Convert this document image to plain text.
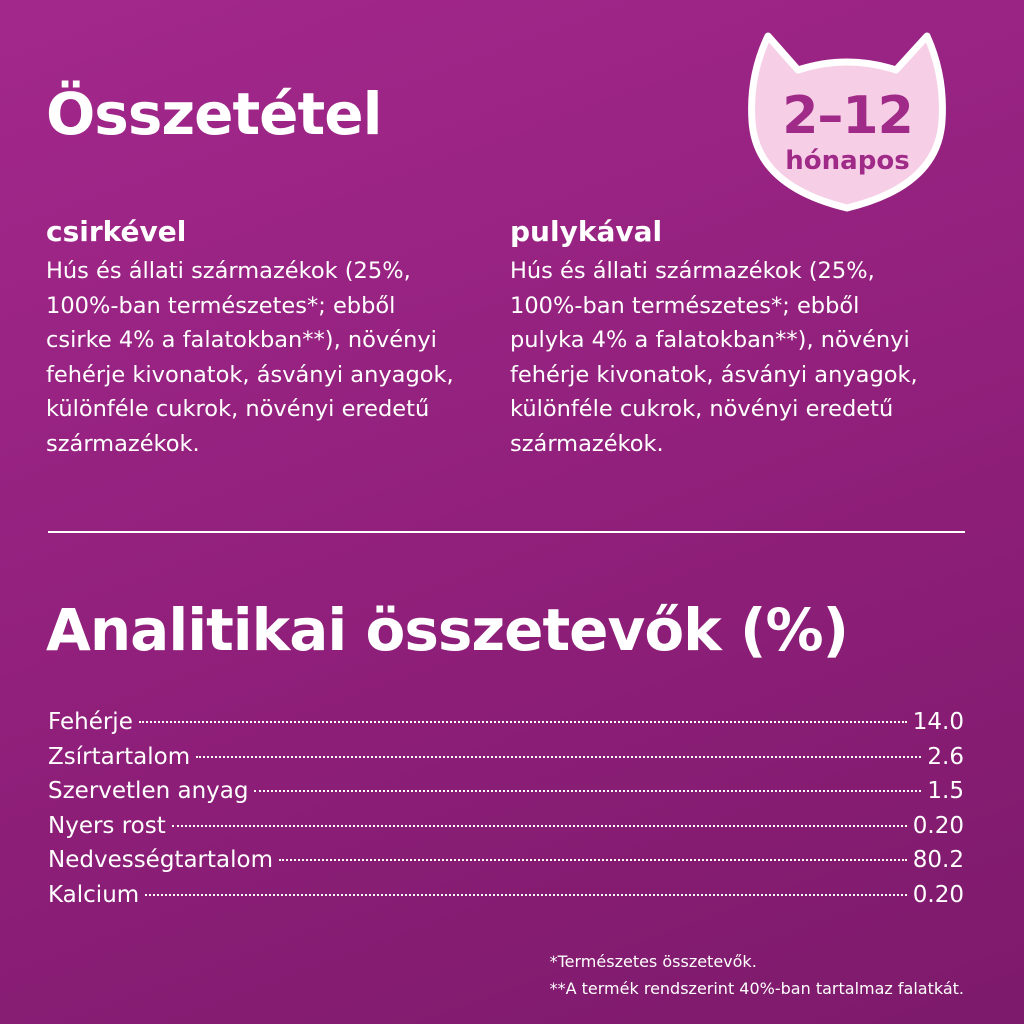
Összetétel	2–12
hónapos
csirkével

Hús és állati származékok (25%,
100%-ban természetes*; ebből
csirke 4% a falatokban**), növényi
fehérje kivonatok, ásványi anyagok,
különféle cukrok, növényi eredetű
származékok.

pulykával

Hús és állati származékok (25%,
100%-ban természetes*; ebből
pulyka 4% a falatokban**), növényi
fehérje kivonatok, ásványi anyagok,
különféle cukrok, növényi eredetű
származékok.

Analitikai összetevők (%)
Fehérje	14.0
Zsírtartalom	2.6
Szervetlen anyag	1.5
Nyers rost	0.20
Nedvességtartalom	80.2
Kalcium	0.20
*Természetes összetevők.
**A termék rendszerint 40%-ban tartalmaz falatkát.
